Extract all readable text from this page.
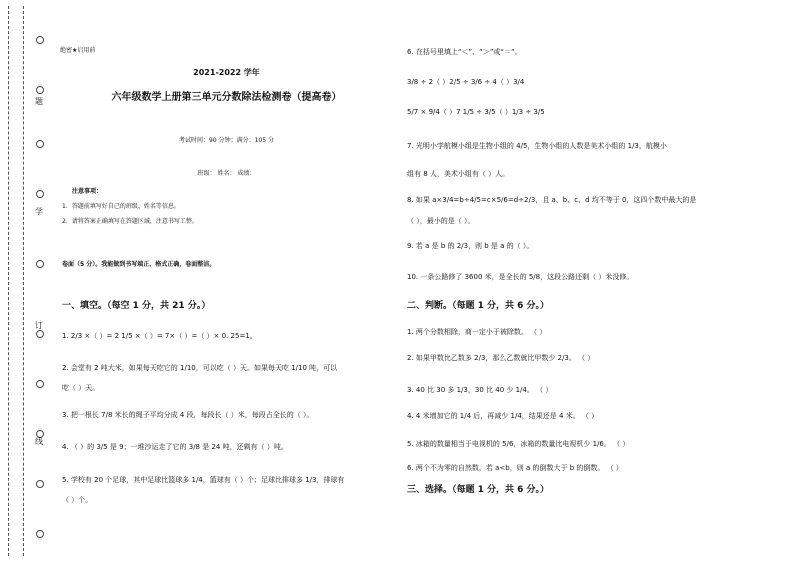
题
学
订
线
绝密★启用前
2021-2022 学年
六年级数学上册第三单元分数除法检测卷（提高卷）
考试时间：90 分钟；满分：105 分
班级： 姓名： 成绩：
注意事项：
1．答题前填写好自己的班级、姓名等信息。
2．请将答案正确填写在答题区域，注意书写工整。
卷面（5 分）。我能做到书写端正、格式正确，卷面整洁。
一、填空。（每空 1 分，共 21 分。）
1. 2/3 ×（ ）= 2 1/5 ×（ ）= 7×（ ）=（ ）× 0. 25=1。
2. 会堂有 2 吨大米，如果每天吃它的 1/10，可以吃（ ）天。如果每天吃 1/10 吨，可以
吃（ ）天。
3. 把一根长 7/8 米长的绳子平均分成 4 段，每段长（ ）米，每段占全长的（ ）。
4. （ ）的 3/5 是 9；一堆沙运走了它的 3/8 是 24 吨，还剩有（ ）吨。
5. 学校有 20 个足球，其中足球比篮球多 1/4，篮球有（ ）个；足球比排球多 1/3，排球有
（ ）个。
6. 在括号里填上“＜”、“＞”或“＝”。
3/8 ÷ 2（ ）2/5 ÷ 3/6 ÷ 4（ ）3/4
5/7 × 9/4（ ）7 1/5 ÷ 3/5（ ）1/3 ÷ 3/5
7. 光明小学航模小组是生物小组的 4/5，生物小组的人数是美术小组的 1/3，航模小
组有 8 人，美术小组有（ ）人。
8. 如果 a×3/4=b÷4/5=c×5/6=d÷2/3，且 a、b、c、d 均不等于 0，这四个数中最大的是
（ ），最小的是（ ）。
9. 若 a 是 b 的 2/3，则 b 是 a 的（ ）。
10. 一条公路修了 3600 米，是全长的 5/8，这段公路还剩（ ）米没修。
二、判断。（每题 1 分，共 6 分。）
1. 两个分数相除，商一定小于被除数。 （ ）
2. 如果甲数比乙数多 2/3，那么乙数就比甲数少 2/3。 （ ）
3. 40 比 30 多 1/3，30 比 40 少 1/4。 （ ）
4. 4 米增加它的 1/4 后，再减少 1/4，结果还是 4 米。 （ ）
5. 冰箱的数量相当于电视机的 5/6，冰箱的数量比电视机少 1/6。 （ ）
6. 两个不为零的自然数，若 a<b，则 a 的倒数大于 b 的倒数。 （ ）
三、选择。（每题 1 分，共 6 分。）
